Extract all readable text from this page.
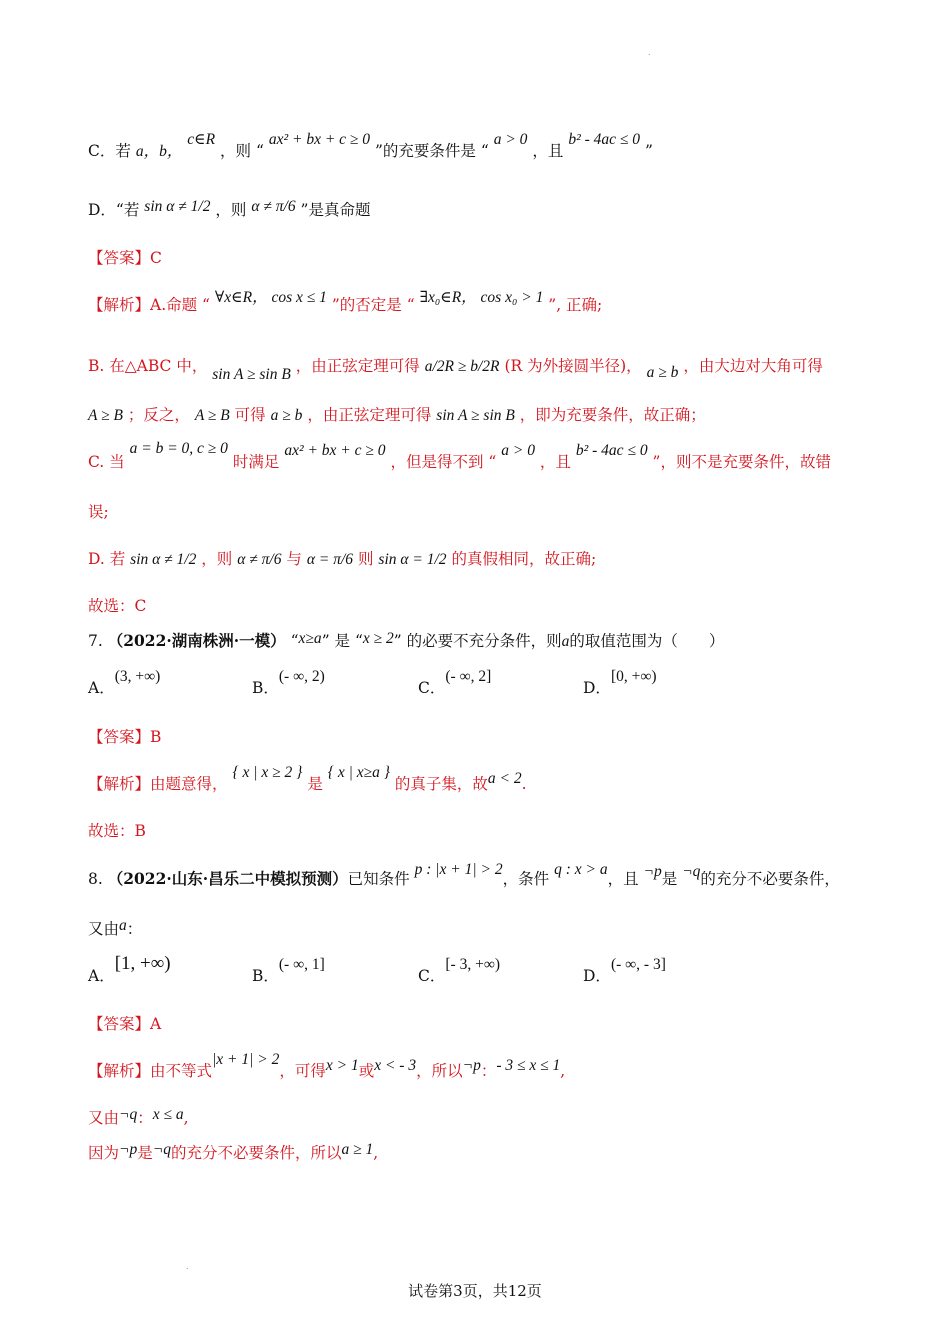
.
C．若 a，b， c∈R ，则 “ ax² + bx + c ≥ 0 ”的充要条件是 “ a > 0 ，且 b² - 4ac ≤ 0 ”
D．“若 sin α ≠ 1/2 ，则 α ≠ π/6 ”是真命题
【答案】C
【解析】A.命题 “ ∀x∈R， cos x ≤ 1 ”的否定是 “ ∃x₀∈R， cos x₀ > 1 ”, 正确;
B. 在△ABC 中， sin A ≥ sin B ，由正弦定理可得 a/2R ≥ b/2R (R 为外接圆半径)， a ≥ b ，由大边对大角可得
A ≥ B ；反之， A ≥ B 可得 a ≥ b ，由正弦定理可得 sin A ≥ sin B ，即为充要条件，故正确；
C. 当 a = b = 0, c ≥ 0 时满足 ax² + bx + c ≥ 0 ，但是得不到 “ a > 0 ，且 b² - 4ac ≤ 0 ”，则不是充要条件，故错
误;
D. 若 sin α ≠ 1/2 ，则 α ≠ π/6 与 α = π/6 则 sin α = 1/2 的真假相同，故正确;
故选：C
7. （2022·湖南株洲·一模） “x≥a” 是 “x ≥ 2” 的必要不充分条件，则a的取值范围为（　　）
A．(3, +∞)
B．(- ∞, 2)
C．(- ∞, 2]
D．[0, +∞)
【答案】B
【解析】由题意得， { x | x ≥ 2 } 是 { x | x≥a } 的真子集，故a < 2.
故选：B
8. （2022·山东·昌乐二中模拟预测）已知条件 p : |x + 1| > 2，条件 q : x > a，且 ¬p是 ¬q的充分不必要条件，
又由a：
A．[1, +∞)
B．(- ∞, 1]
C．[- 3, +∞)
D．(- ∞, - 3]
【答案】A
【解析】由不等式|x + 1| > 2，可得x > 1或x < - 3，所以¬p：- 3 ≤ x ≤ 1,
又由¬q：x ≤ a,
因为¬p是¬q的充分不必要条件，所以a ≥ 1,
.
试卷第3页，共12页
